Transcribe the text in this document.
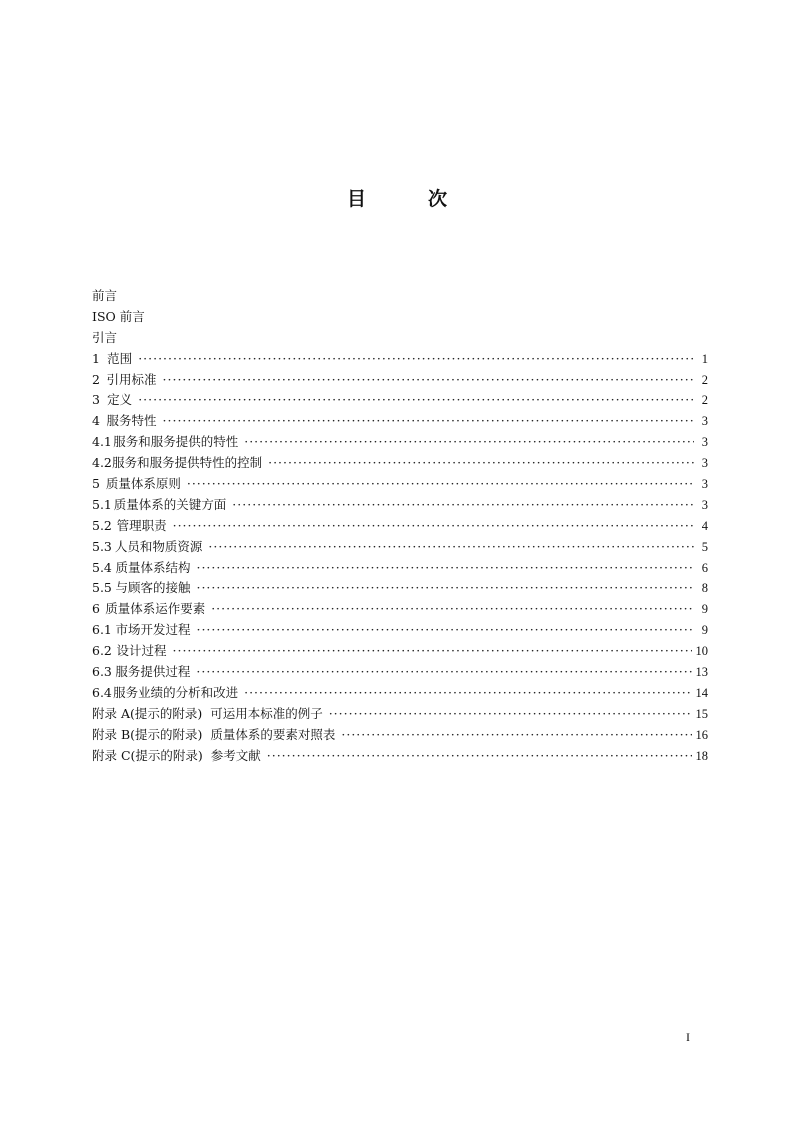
目	次
前言
ISO 前言
引言
1 范围 ·····	1
2 引用标准 ·····	2
3 定义 ·····	2
4 服务特性 ·····	3
4.1 服务和服务提供的特性 ·····	3
4.2 服务和服务提供特性的控制 ·····	3
5 质量体系原则 ·····	3
5.1 质量体系的关键方面 ·····	3
5.2 管理职责 ·····	4
5.3 人员和物质资源 ·····	5
5.4 质量体系结构 ·····	6
5.5 与顾客的接触 ·····	8
6 质量体系运作要素 ·····	9
6.1 市场开发过程 ·····	9
6.2 设计过程 ·····	10
6.3 服务提供过程 ·····	13
6.4 服务业绩的分析和改进 ·····	14
附录 A(提示的附录)  可运用本标准的例子 ·····	15
附录 B(提示的附录)  质量体系的要素对照表 ·····	16
附录 C(提示的附录)  参考文献 ·····	18
I
